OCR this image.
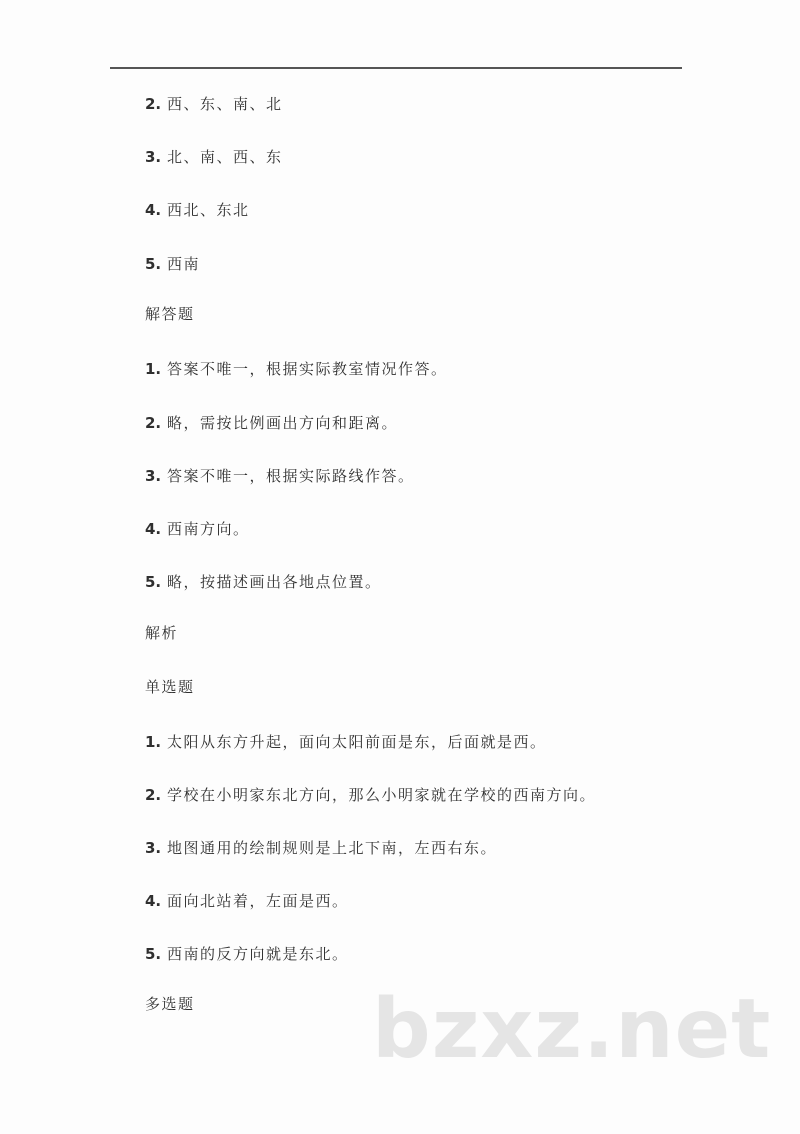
2. 西、东、南、北
3. 北、南、西、东
4. 西北、东北
5. 西南
解答题
1. 答案不唯一，根据实际教室情况作答。
2. 略，需按比例画出方向和距离。
3. 答案不唯一，根据实际路线作答。
4. 西南方向。
5. 略，按描述画出各地点位置。
解析
单选题
1. 太阳从东方升起，面向太阳前面是东，后面就是西。
2. 学校在小明家东北方向，那么小明家就在学校的西南方向。
3. 地图通用的绘制规则是上北下南，左西右东。
4. 面向北站着，左面是西。
5. 西南的反方向就是东北。
多选题 bzxz.net
